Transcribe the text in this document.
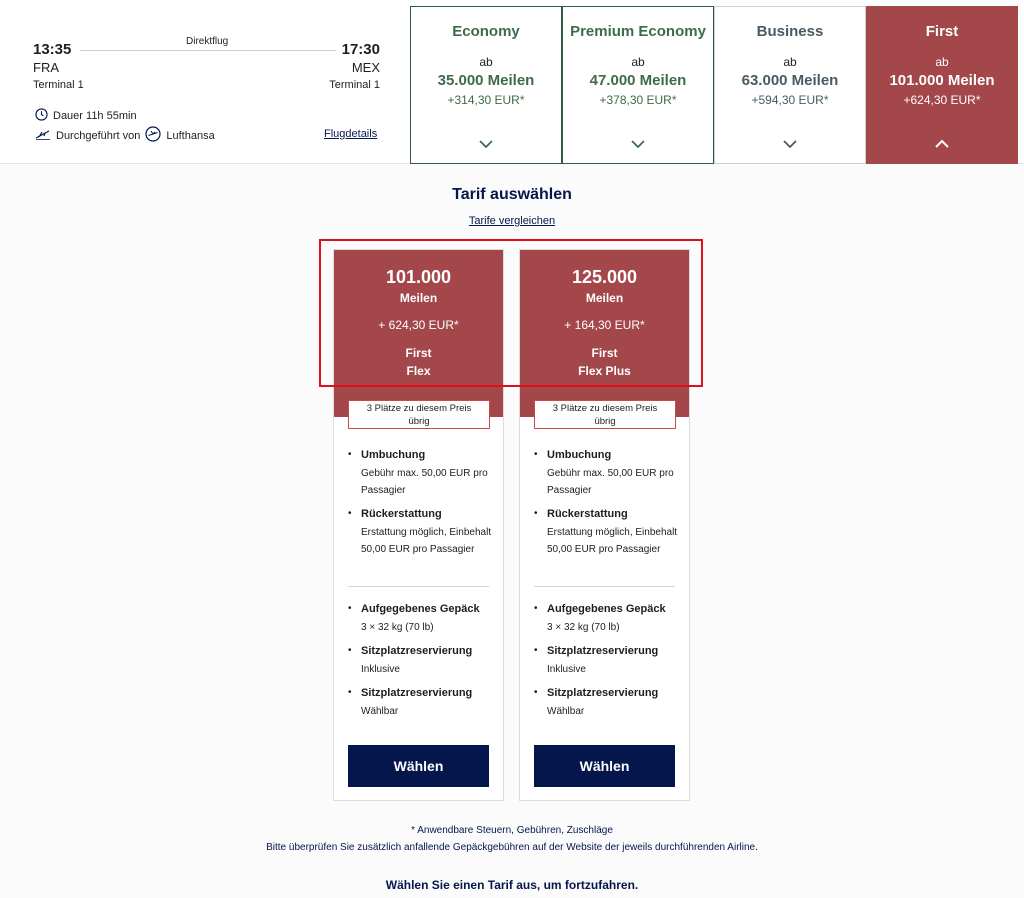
Direktflug
13:35
FRA
Terminal 1
17:30
MEX
Terminal 1
Dauer 11h 55min
Durchgeführt von Lufthansa	Flugdetails
Economy
ab
35.000 Meilen
+314,30 EUR*
Premium Economy
ab
47.000 Meilen
+378,30 EUR*
Business
ab
63.000 Meilen
+594,30 EUR*
First
ab
101.000 Meilen
+624,30 EUR*
Tarif auswählen
Tarife vergleichen
101.000
Meilen
+ 624,30 EUR*
First
Flex
3 Plätze zu diesem Preis
übrig
• Umbuchung
Gebühr max. 50,00 EUR pro Passagier
• Rückerstattung
Erstattung möglich, Einbehalt 50,00 EUR pro Passagier
• Aufgegebenes Gepäck
3 × 32 kg (70 lb)
• Sitzplatzreservierung
Inklusive
• Sitzplatzreservierung
Wählbar
Wählen
125.000
Meilen
+ 164,30 EUR*
First
Flex Plus
3 Plätze zu diesem Preis
übrig
• Umbuchung
Gebühr max. 50,00 EUR pro Passagier
• Rückerstattung
Erstattung möglich, Einbehalt 50,00 EUR pro Passagier
• Aufgegebenes Gepäck
3 × 32 kg (70 lb)
• Sitzplatzreservierung
Inklusive
• Sitzplatzreservierung
Wählbar
Wählen
* Anwendbare Steuern, Gebühren, Zuschläge
Bitte überprüfen Sie zusätzlich anfallende Gepäckgebühren auf der Website der jeweils durchführenden Airline.
Wählen Sie einen Tarif aus, um fortzufahren.
